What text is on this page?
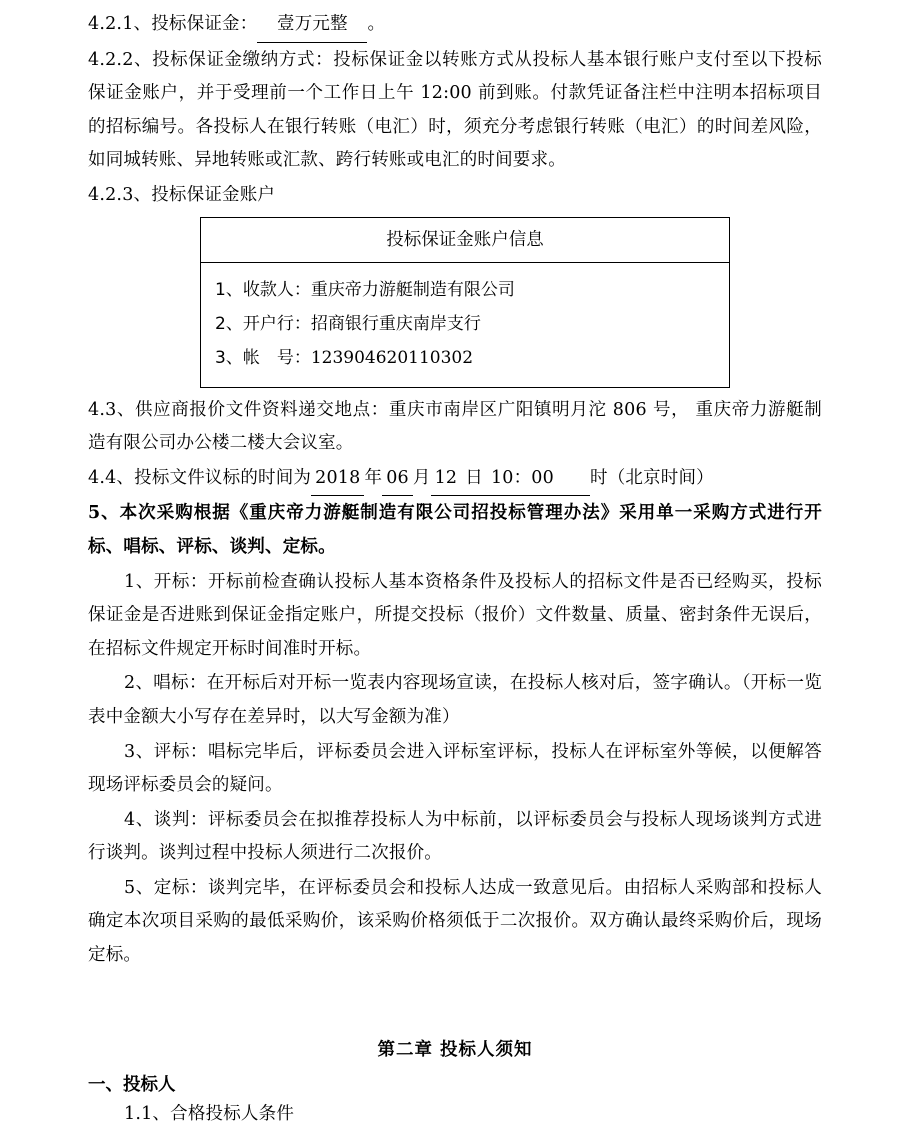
4.2.1、投标保证金： 壹万元整 。

4.2.2、投标保证金缴纳方式：投标保证金以转账方式从投标人基本银行账户支付至以下投标保证金账户，并于受理前一个工作日上午 12:00 前到账。付款凭证备注栏中注明本招标项目的招标编号。各投标人在银行转账（电汇）时，须充分考虑银行转账（电汇）的时间差风险，如同城转账、异地转账或汇款、跨行转账或电汇的时间要求。

4.2.3、投标保证金账户

投标保证金账户信息

1、收款人：重庆帝力游艇制造有限公司
2、开户行：招商银行重庆南岸支行
3、帐　号：123904620110302

4.3、供应商报价文件资料递交地点：重庆市南岸区广阳镇明月沱 806 号， 重庆帝力游艇制造有限公司办公楼二楼大会议室。

4.4、投标文件议标的时间为 2018 年 06 月 12 日 10：00 时（北京时间）

5、本次采购根据《重庆帝力游艇制造有限公司招投标管理办法》采用单一采购方式进行开标、唱标、评标、谈判、定标。

1、开标：开标前检查确认投标人基本资格条件及投标人的招标文件是否已经购买，投标保证金是否进账到保证金指定账户，所提交投标（报价）文件数量、质量、密封条件无误后，在招标文件规定开标时间准时开标。

2、唱标：在开标后对开标一览表内容现场宣读，在投标人核对后，签字确认。（开标一览表中金额大小写存在差异时，以大写金额为准）

3、评标：唱标完毕后，评标委员会进入评标室评标，投标人在评标室外等候，以便解答现场评标委员会的疑问。

4、谈判：评标委员会在拟推荐投标人为中标前，以评标委员会与投标人现场谈判方式进行谈判。谈判过程中投标人须进行二次报价。

5、定标：谈判完毕，在评标委员会和投标人达成一致意见后。由招标人采购部和投标人确定本次项目采购的最低采购价，该采购价格须低于二次报价。双方确认最终采购价后，现场定标。

第二章 投标人须知
一、投标人

1.1、合格投标人条件
